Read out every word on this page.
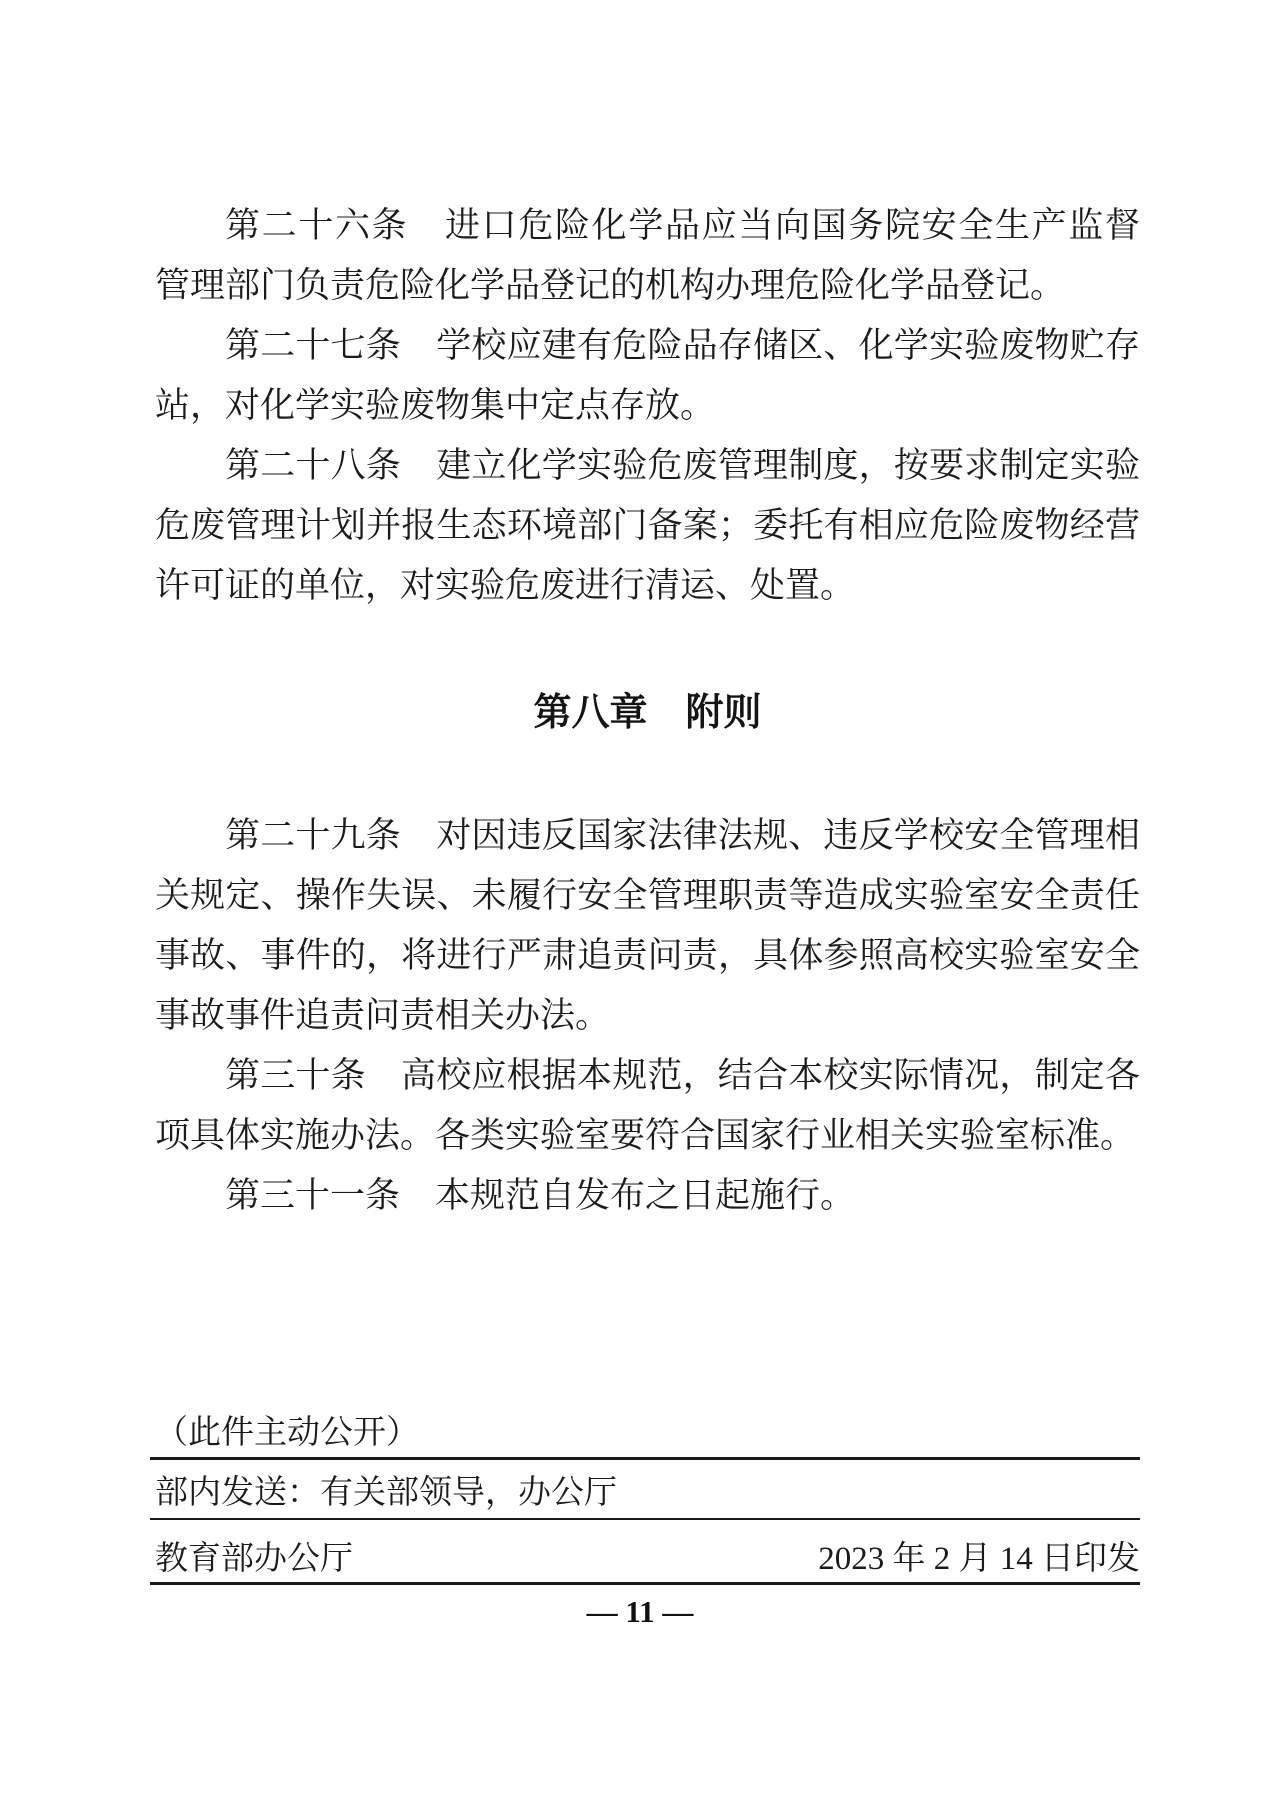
第二十六条　进口危险化学品应当向国务院安全生产监督
管理部门负责危险化学品登记的机构办理危险化学品登记。
第二十七条　学校应建有危险品存储区、化学实验废物贮存
站，对化学实验废物集中定点存放。
第二十八条　建立化学实验危废管理制度，按要求制定实验
危废管理计划并报生态环境部门备案；委托有相应危险废物经营
许可证的单位，对实验危废进行清运、处置。
第八章　附则
第二十九条　对因违反国家法律法规、违反学校安全管理相
关规定、操作失误、未履行安全管理职责等造成实验室安全责任
事故、事件的，将进行严肃追责问责，具体参照高校实验室安全
事故事件追责问责相关办法。
第三十条　高校应根据本规范，结合本校实际情况，制定各
项具体实施办法。各类实验室要符合国家行业相关实验室标准。
第三十一条　本规范自发布之日起施行。
（此件主动公开）
部内发送：有关部领导，办公厅
教育部办公厅	2023 年 2 月 14 日印发
— 11 —
